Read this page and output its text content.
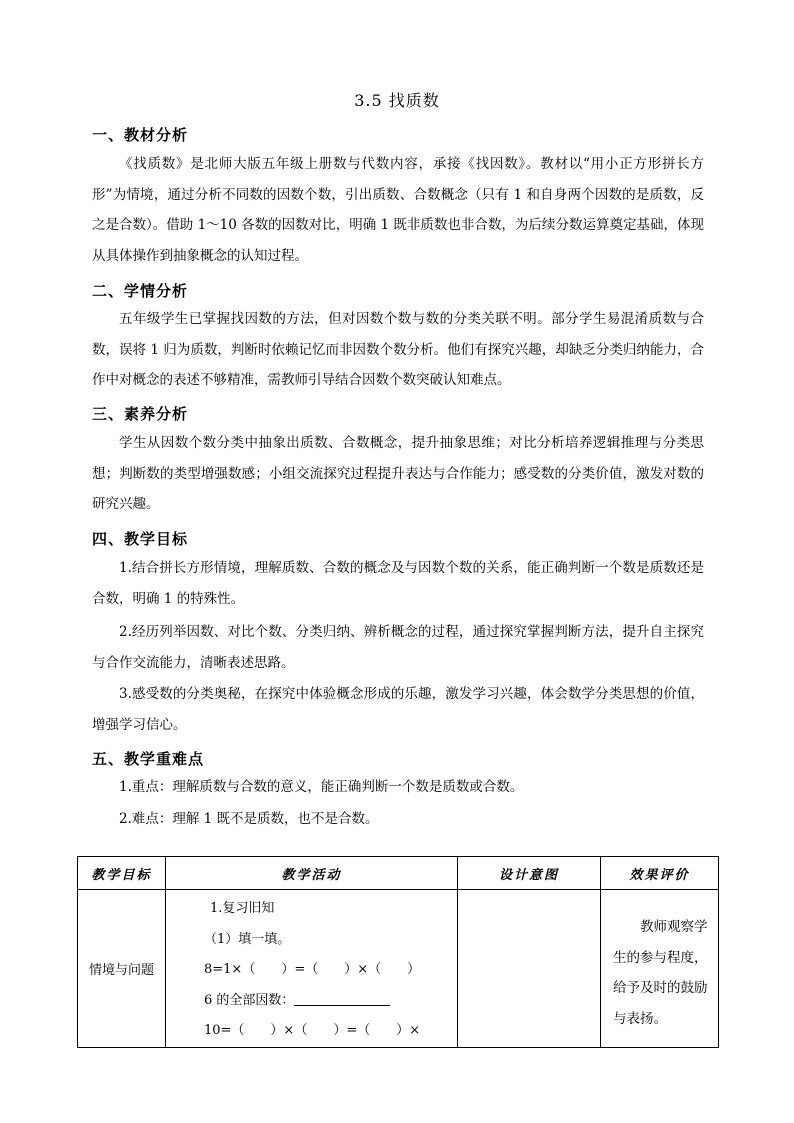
3.5 找质数
一、教材分析
《找质数》是北师大版五年级上册数与代数内容，承接《找因数》。教材以“用小正方形拼长方形”为情境，通过分析不同数的因数个数，引出质数、合数概念（只有 1 和自身两个因数的是质数，反之是合数）。借助 1～10 各数的因数对比，明确 1 既非质数也非合数，为后续分数运算奠定基础，体现从具体操作到抽象概念的认知过程。
二、学情分析
五年级学生已掌握找因数的方法，但对因数个数与数的分类关联不明。部分学生易混淆质数与合数，误将 1 归为质数，判断时依赖记忆而非因数个数分析。他们有探究兴趣，却缺乏分类归纳能力，合作中对概念的表述不够精准，需教师引导结合因数个数突破认知难点。
三、素养分析
学生从因数个数分类中抽象出质数、合数概念，提升抽象思维；对比分析培养逻辑推理与分类思想；判断数的类型增强数感；小组交流探究过程提升表达与合作能力；感受数的分类价值，激发对数的研究兴趣。
四、教学目标
1.结合拼长方形情境，理解质数、合数的概念及与因数个数的关系，能正确判断一个数是质数还是合数，明确 1 的特殊性。
2.经历列举因数、对比个数、分类归纳、辨析概念的过程，通过探究掌握判断方法，提升自主探究与合作交流能力，清晰表述思路。
3.感受数的分类奥秘，在探究中体验概念形成的乐趣，激发学习兴趣，体会数学分类思想的价值，增强学习信心。
五、教学重难点
1.重点：理解质数与合数的意义，能正确判断一个数是质数或合数。
2.难点：理解 1 既不是质数，也不是合数。
教学目标	教学活动	设计意图	效果评价
情境与问题	1.复习旧知
（1）填一填。
8=1×（　　）=（　　）×（　　）
6 的全部因数：
10=（　　）×（　　）=（　　）×		教师观察学生的参与程度，给予及时的鼓励与表扬。
